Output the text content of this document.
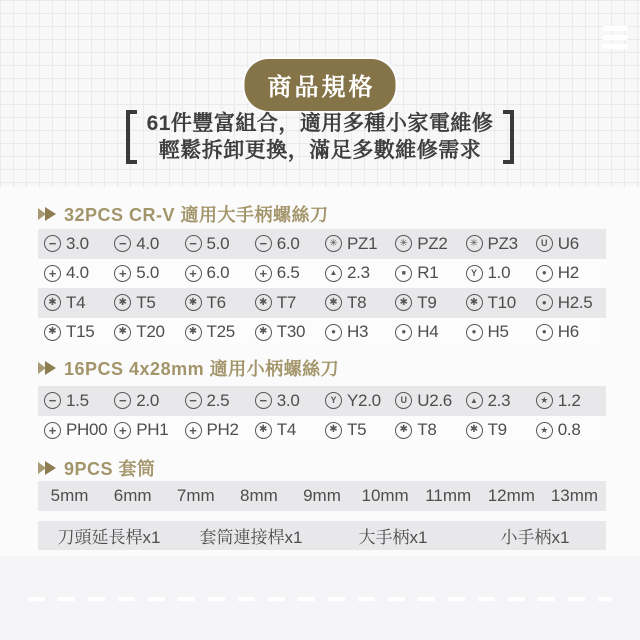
商品規格
61件豐富組合，適用多種小家電維修
輕鬆拆卸更換，滿足多數維修需求
32PCS CR-V 適用大手柄螺絲刀
− 3.0	− 4.0	− 5.0	− 6.0	✳ PZ1	✳ PZ2	✳ PZ3	U U6
+ 4.0	+ 5.0	+ 6.0	+ 6.5	▲ 2.3	■ R1	Y 1.0	● H2
✱ T4	✱ T5	✱ T6	✱ T7	✱ T8	✱ T9	✱ T10	● H2.5
✱ T15	✱ T20	✱ T25	✱ T30	● H3	● H4	● H5	● H6
16PCS 4x28mm 適用小柄螺絲刀
− 1.5	− 2.0	− 2.5	− 3.0	Y Y2.0	U U2.6	▲ 2.3	★ 1.2
+ PH00 + PH1	+ PH2	✱ T4	✱ T5	✱ T8	✱ T9	★ 0.8
9PCS 套筒
5mm	6mm	7mm	8mm	9mm	10mm 11mm 12mm 13mm
刀頭延長桿x1	套筒連接桿x1	大手柄x1	小手柄x1
